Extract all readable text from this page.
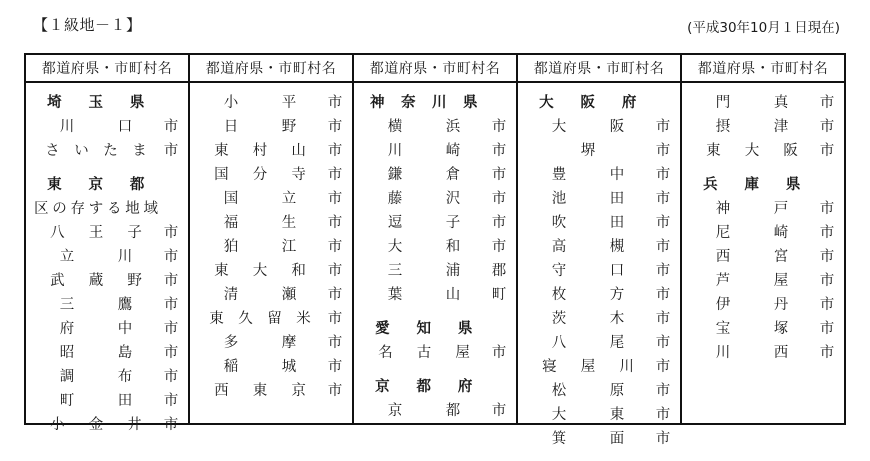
【１級地－１】	(平成30年10月１日現在)
都道府県・市町村名
埼 玉 県
川	口 市
さ い た ま 市
東 京 都
区 の 存 す る 地 域
八 王 子 市
立	川 市
武 蔵 野 市
三	鷹 市
府	中 市
昭	島 市
調	布 市
町	田 市
小 金 井 市
都道府県・市町村名
小	平 市
日	野 市
東 村 山 市
国 分 寺 市
国	立 市
福	生 市
狛	江 市
東 大 和 市
清	瀬 市
東 久 留 米 市
多	摩 市
稲	城 市
西 東 京 市
都道府県・市町村名
神 奈 川 県
横	浜 市
川	崎 市
鎌	倉 市
藤	沢 市
逗	子 市
大	和 市
三	浦 郡
葉	山 町
愛 知 県
名 古 屋 市
京 都 府
京	都 市
都道府県・市町村名
大 阪 府
大	阪 市
堺	市
豊	中 市
池	田 市
吹	田 市
高	槻 市
守	口 市
枚	方 市
茨	木 市
八	尾 市
寝 屋 川 市
松	原 市
大	東 市
箕	面 市
都道府県・市町村名
門	真 市
摂	津 市
東 大 阪 市
兵 庫 県
神	戸 市
尼	崎 市
西	宮 市
芦	屋 市
伊	丹 市
宝	塚 市
川	西 市
